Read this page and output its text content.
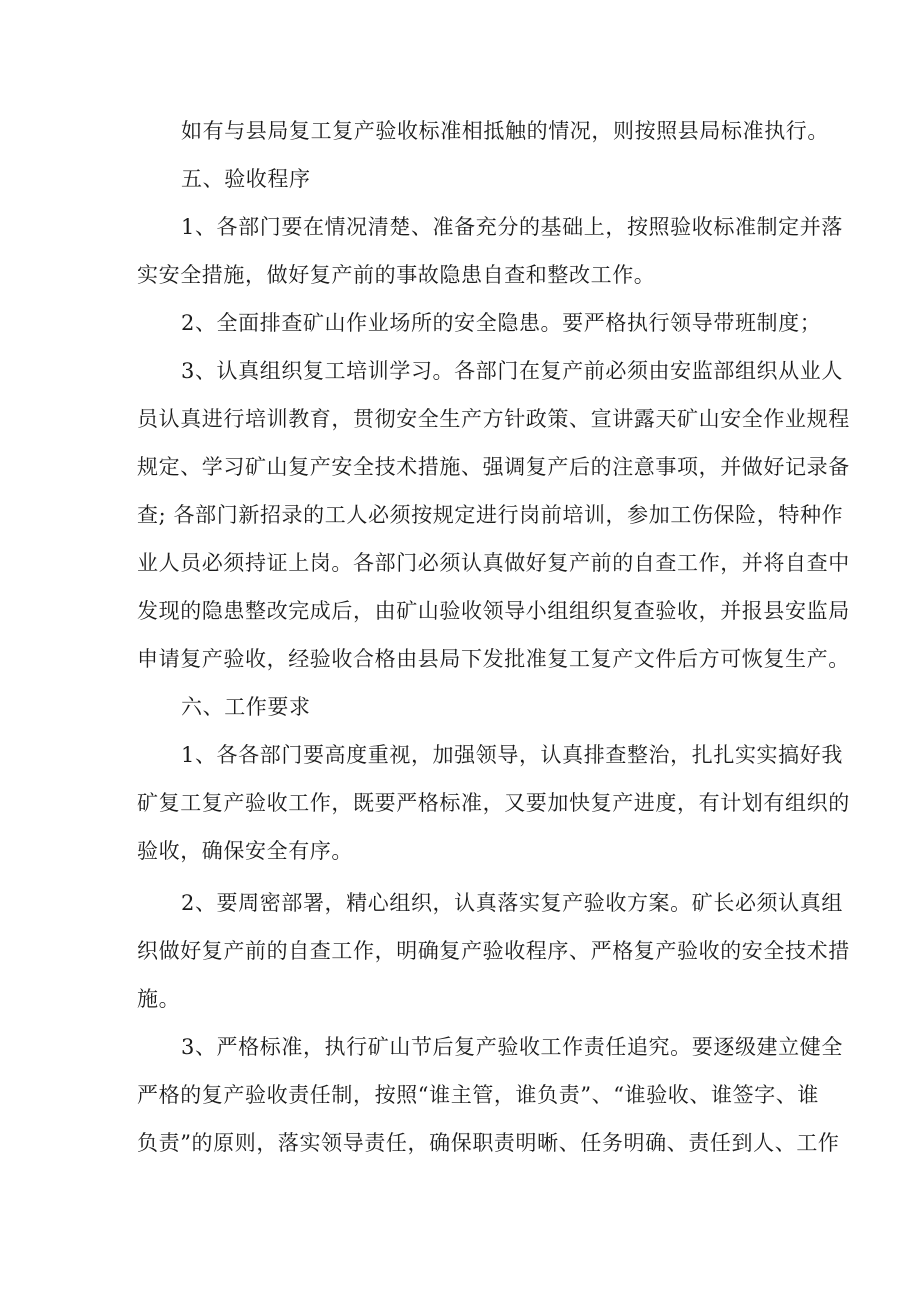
如有与县局复工复产验收标准相抵触的情况，则按照县局标准执行。
五、验收程序
1、各部门要在情况清楚、准备充分的基础上，按照验收标准制定并落
实安全措施，做好复产前的事故隐患自查和整改工作。
2、全面排查矿山作业场所的安全隐患。要严格执行领导带班制度；
3、认真组织复工培训学习。各部门在复产前必须由安监部组织从业人
员认真进行培训教育，贯彻安全生产方针政策、宣讲露天矿山安全作业规程
规定、学习矿山复产安全技术措施、强调复产后的注意事项，并做好记录备
查; 各部门新招录的工人必须按规定进行岗前培训，参加工伤保险，特种作
业人员必须持证上岗。各部门必须认真做好复产前的自查工作，并将自查中
发现的隐患整改完成后，由矿山验收领导小组组织复查验收，并报县安监局
申请复产验收，经验收合格由县局下发批准复工复产文件后方可恢复生产。
六、工作要求
1、各各部门要高度重视，加强领导，认真排查整治，扎扎实实搞好我
矿复工复产验收工作，既要严格标准，又要加快复产进度，有计划有组织的
验收，确保安全有序。
2、要周密部署，精心组织，认真落实复产验收方案。矿长必须认真组
织做好复产前的自查工作，明确复产验收程序、严格复产验收的安全技术措
施。
3、严格标准，执行矿山节后复产验收工作责任追究。要逐级建立健全
严格的复产验收责任制，按照“谁主管，谁负责”、“谁验收、谁签字、谁
负责”的原则，落实领导责任，确保职责明晰、任务明确、责任到人、工作
